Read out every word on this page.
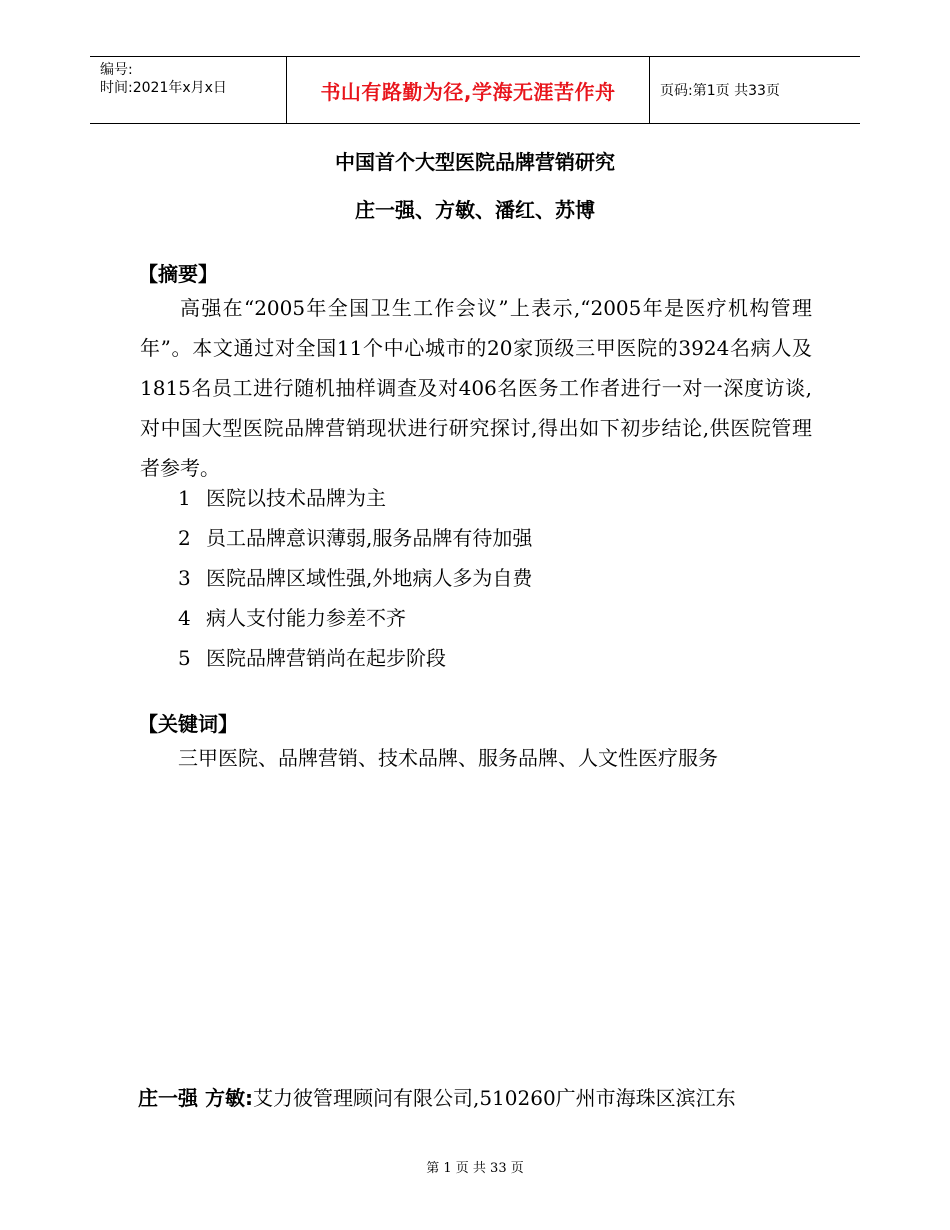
编号:
时间:2021年x月x日	书山有路勤为径,学海无涯苦作舟	页码:第1页 共33页
中国首个大型医院品牌营销研究
庄一强、方敏、潘红、苏博
【摘要】
高强在“2005年全国卫生工作会议”上表示,“2005年是医疗机构管理年”。本文通过对全国11个中心城市的20家顶级三甲医院的3924名病人及1815名员工进行随机抽样调查及对406名医务工作者进行一对一深度访谈,对中国大型医院品牌营销现状进行研究探讨,得出如下初步结论,供医院管理者参考。
1 医院以技术品牌为主
2 员工品牌意识薄弱,服务品牌有待加强
3 医院品牌区域性强,外地病人多为自费
4 病人支付能力参差不齐
5 医院品牌营销尚在起步阶段
【关键词】
三甲医院、品牌营销、技术品牌、服务品牌、人文性医疗服务
庄一强 方敏:艾力彼管理顾问有限公司,510260广州市海珠区滨江东
第 1 页 共 33 页
